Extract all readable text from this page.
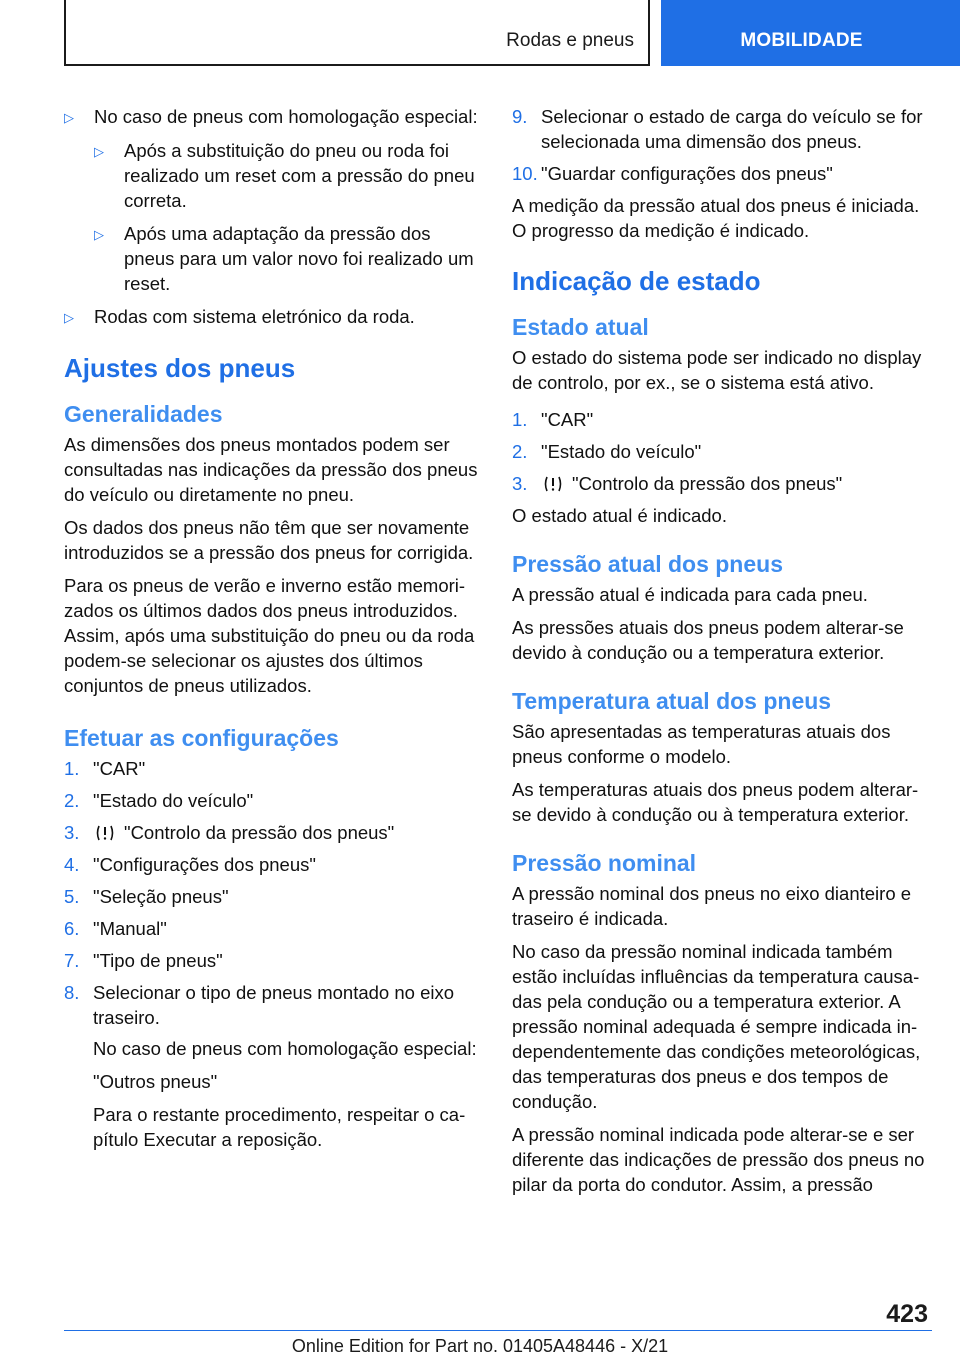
Rodas e pneus	MOBILIDADE
▷	No caso de pneus com homologação especial:
▷	Após a substituição do pneu ou roda foi realizado um reset com a pressão do pneu correta.
▷	Após uma adaptação da pressão dos pneus para um valor novo foi realizado um reset.
▷	Rodas com sistema eletrónico da roda.
Ajustes dos pneus
Generalidades

As dimensões dos pneus montados podem ser consultadas nas indicações da pressão dos pneus do veículo ou diretamente no pneu.

Os dados dos pneus não têm que ser novamente introduzidos se a pressão dos pneus for corrigida.

Para os pneus de verão e inverno estão memorizados os últimos dados dos pneus introduzidos. Assim, após uma substituição do pneu ou da roda podem-se selecionar os ajustes dos últimos conjuntos de pneus utilizados.

Efetuar as configurações
1. "CAR"
2. "Estado do veículo"
3.	"Controlo da pressão dos pneus"
4. "Configurações dos pneus"
5. "Seleção pneus"
6. "Manual"
7. "Tipo de pneus"
8. Selecionar o tipo de pneus montado no eixo traseiro.

No caso de pneus com homologação especial:

"Outros pneus"

Para o restante procedimento, respeitar o capítulo Executar a reposição.

9. Selecionar o estado de carga do veículo se for selecionada uma dimensão dos pneus.
10. "Guardar configurações dos pneus"

A medição da pressão atual dos pneus é iniciada. O progresso da medição é indicado.

Indicação de estado
Estado atual

O estado do sistema pode ser indicado no display de controlo, por ex., se o sistema está ativo.

1. "CAR"
2. "Estado do veículo"
3.	"Controlo da pressão dos pneus"

O estado atual é indicado.

Pressão atual dos pneus

A pressão atual é indicada para cada pneu.

As pressões atuais dos pneus podem alterar-se devido à condução ou a temperatura exterior.

Temperatura atual dos pneus

São apresentadas as temperaturas atuais dos pneus conforme o modelo.

As temperaturas atuais dos pneus podem alterar-se devido à condução ou à temperatura exterior.

Pressão nominal

A pressão nominal dos pneus no eixo dianteiro e traseiro é indicada.

No caso da pressão nominal indicada também estão incluídas influências da temperatura causadas pela condução ou a temperatura exterior. A pressão nominal adequada é sempre indicada independentemente das condições meteorológicas, das temperaturas dos pneus e dos tempos de condução.

A pressão nominal indicada pode alterar-se e ser diferente das indicações de pressão dos pneus no pilar da porta do condutor. Assim, a pressão

423
Online Edition for Part no. 01405A48446 - X/21
